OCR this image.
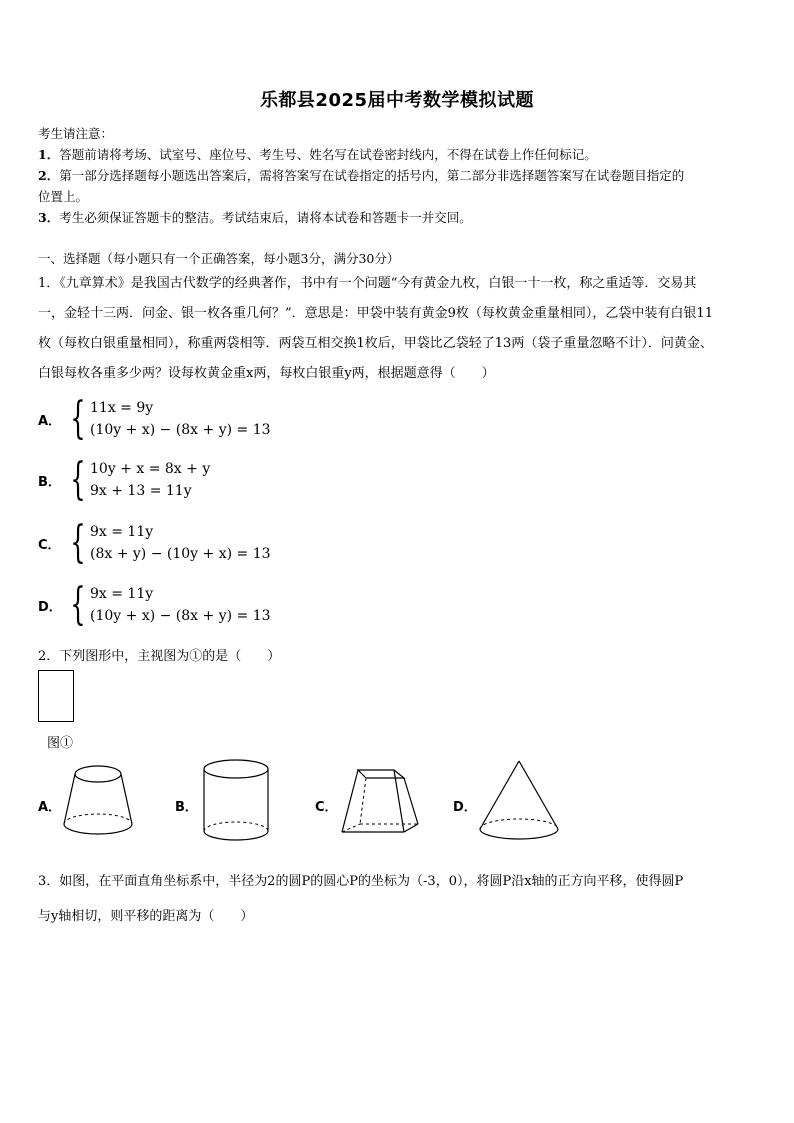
乐都县2025届中考数学模拟试题
考生请注意：
1．答题前请将考场、试室号、座位号、考生号、姓名写在试卷密封线内，不得在试卷上作任何标记。
2．第一部分选择题每小题选出答案后，需将答案写在试卷指定的括号内，第二部分非选择题答案写在试卷题目指定的
位置上。
3．考生必须保证答题卡的整洁。考试结束后，请将本试卷和答题卡一并交回。
一、选择题（每小题只有一个正确答案，每小题3分，满分30分）
1．《九章算术》是我国古代数学的经典著作，书中有一个问题“今有黄金九枚，白银一十一枚，称之重适等．交易其
一，金轻十三两．问金、银一枚各重几何？”．意思是：甲袋中装有黄金9枚（每枚黄金重量相同），乙袋中装有白银11
枚（每枚白银重量相同），称重两袋相等．两袋互相交换1枚后，甲袋比乙袋轻了13两（袋子重量忽略不计）．问黄金、
白银每枚各重多少两？设每枚黄金重x两，每枚白银重y两，根据题意得（　　）
A． { 11x = 9y
(10y + x) − (8x + y) = 13
B． { 10y + x = 8x + y
9x + 13 = 11y
C． { 9x = 11y
(8x + y) − (10y + x) = 13
D． { 9x = 11y
(10y + x) − (8x + y) = 13
2．下列图形中，主视图为①的是（　　）
图①
A．	B．	C．	D．
3．如图，在平面直角坐标系中，半径为2的圆P的圆心P的坐标为（-3，0），将圆P沿x轴的正方向平移，使得圆P
与y轴相切，则平移的距离为（　　）
